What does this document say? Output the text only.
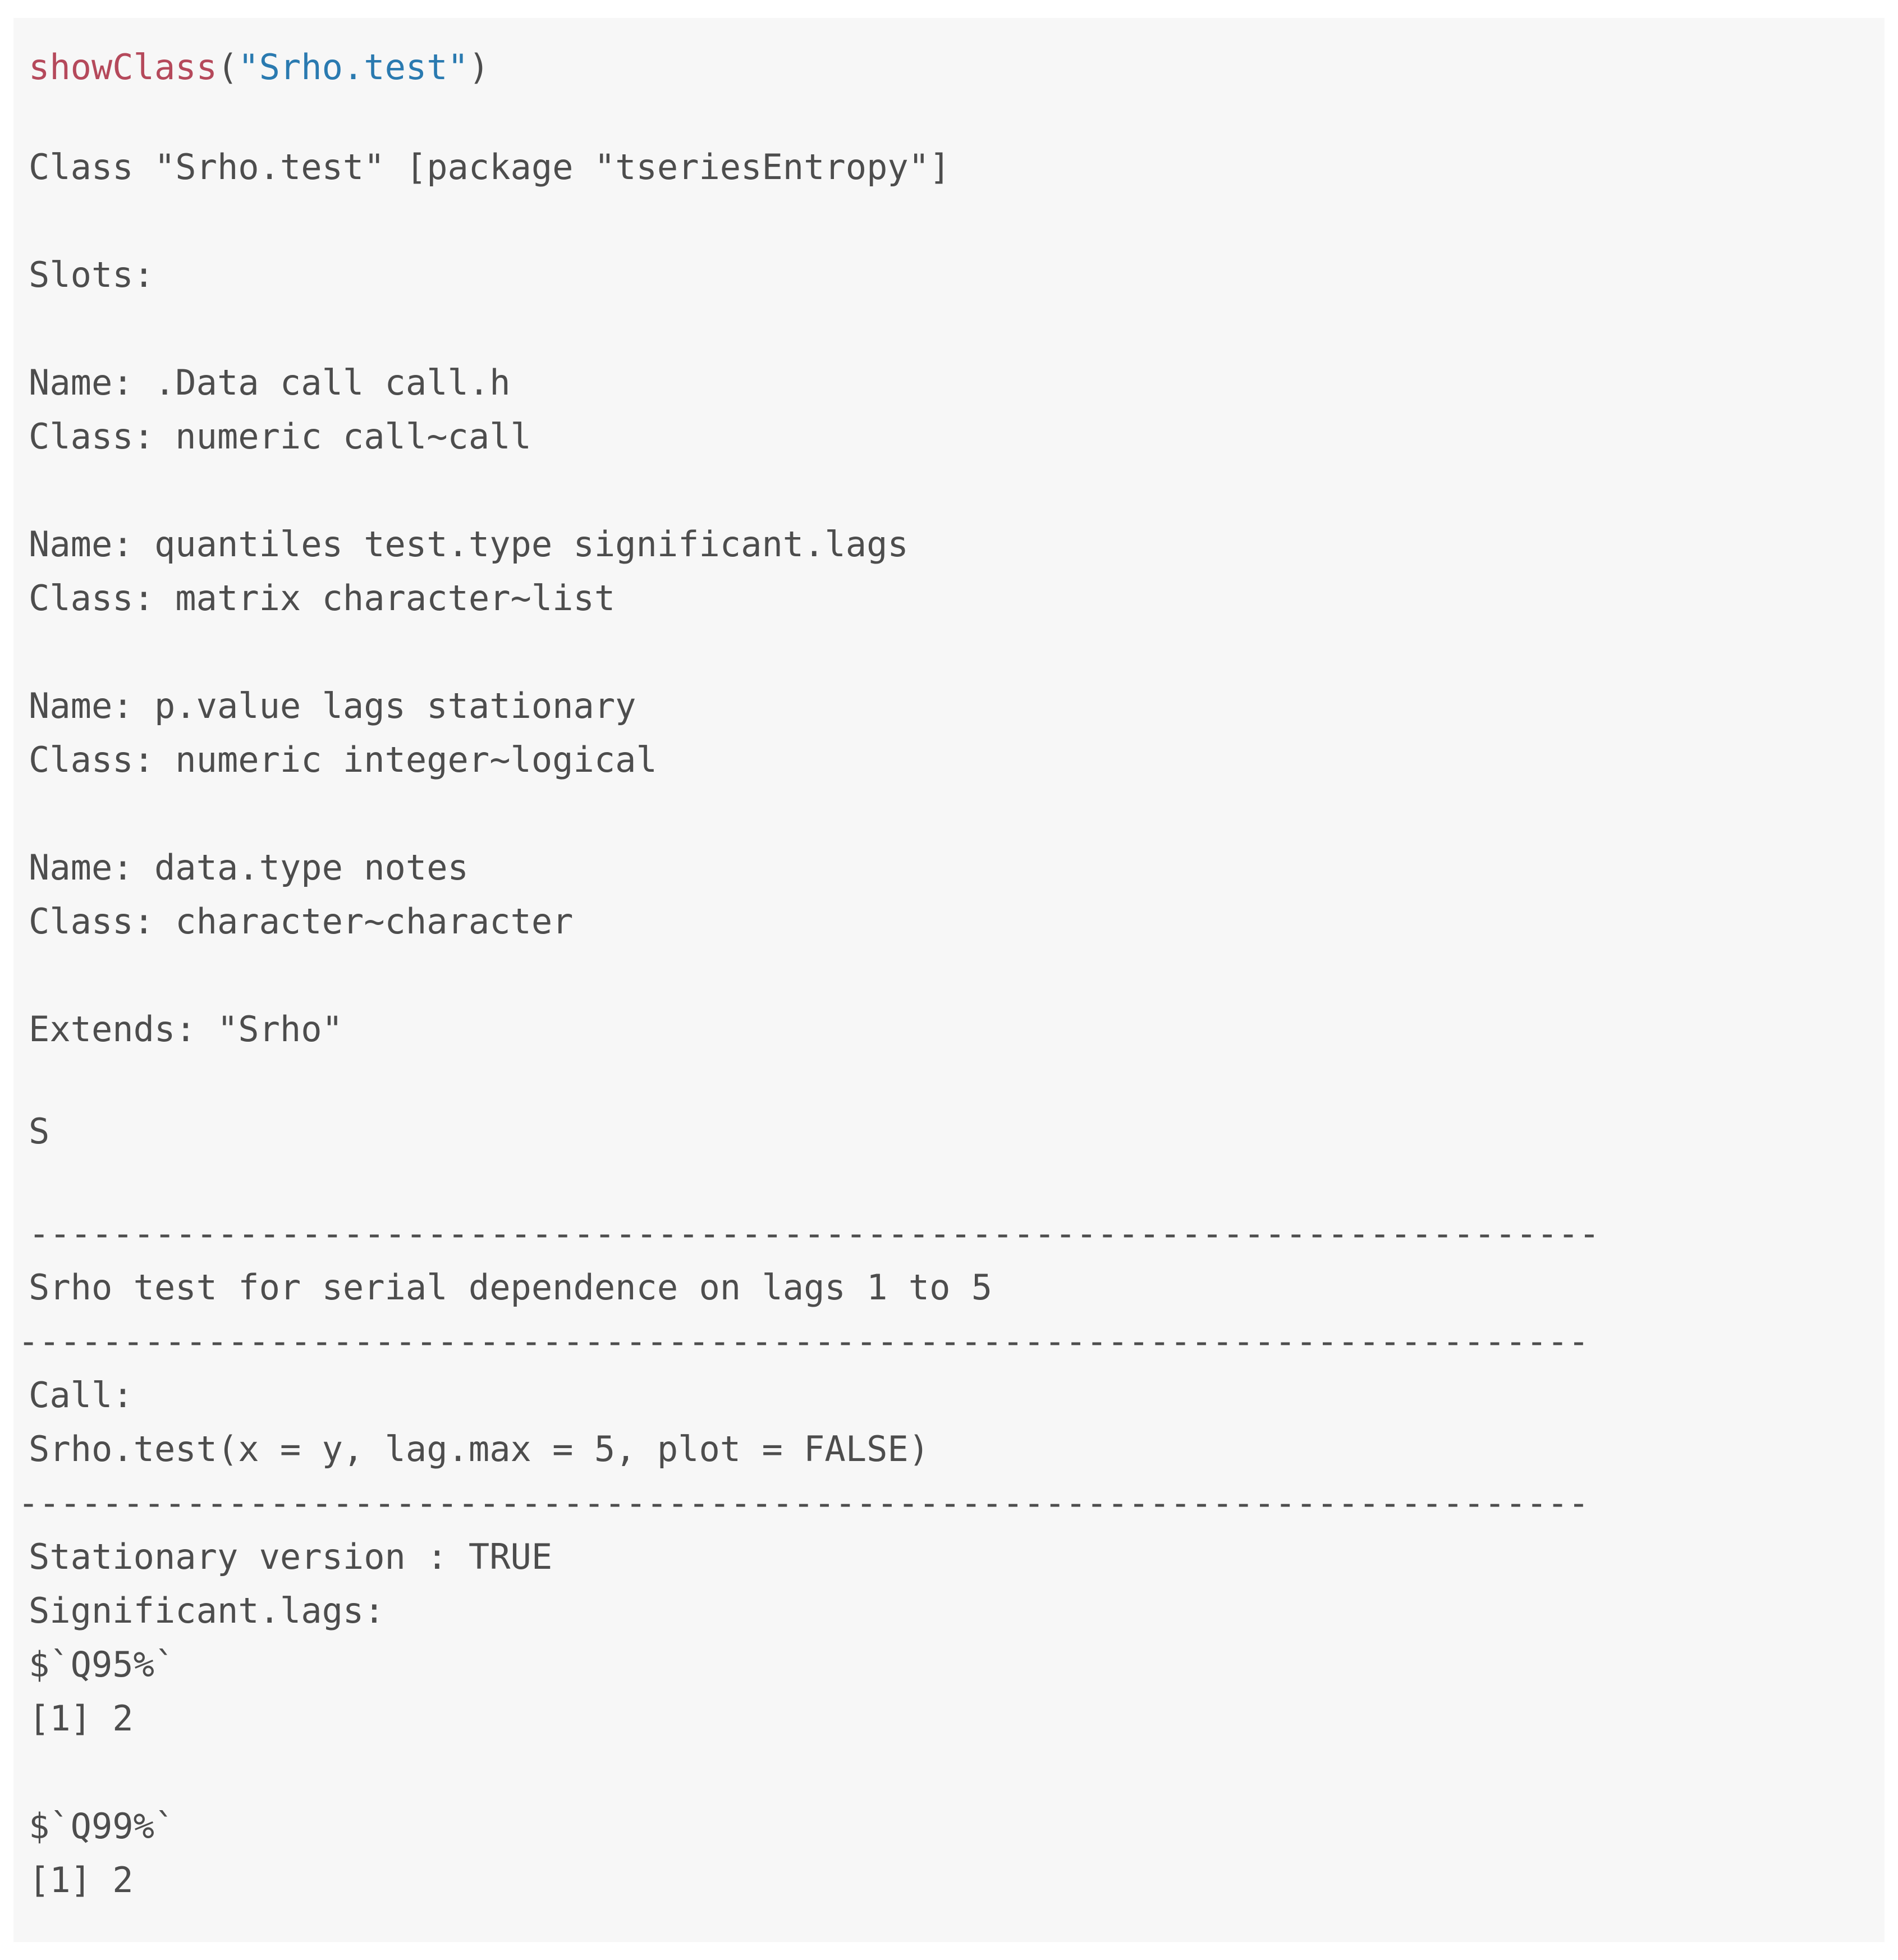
showClass("Srho.test")
Class "Srho.test" [package "tseriesEntropy"]
Slots:
Name: .Data call call.h
Class: numeric call~call
Name: quantiles test.type significant.lags
Class: matrix character~list
Name: p.value lags stationary
Class: numeric integer~logical
Name: data.type notes
Class: character~character
Extends: "Srho"
S
---------------------------------------------------------------------------
Srho test for serial dependence on lags 1 to 5
---------------------------------------------------------------------------
Call:
Srho.test(x = y, lag.max = 5, plot = FALSE)
---------------------------------------------------------------------------
Stationary version : TRUE
Significant.lags:
$`Q95%`
[1] 2
$`Q99%`
[1] 2
